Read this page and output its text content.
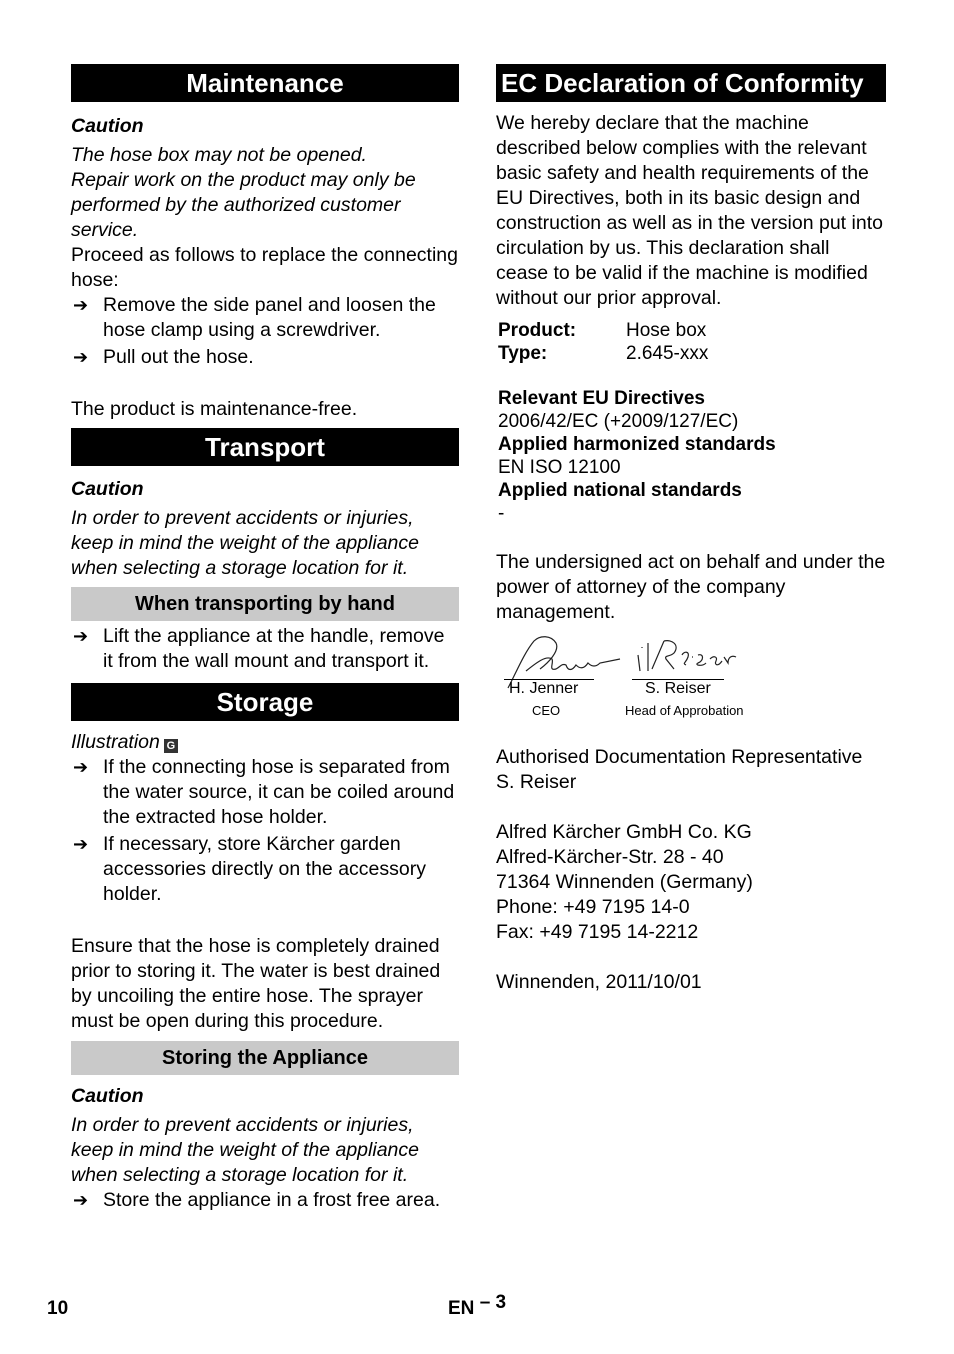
Maintenance

Caution

The hose box may not be opened.

Repair work on the product may only be performed by the authorized customer service.

Proceed as follows to replace the connecting hose:

➔ Remove the side panel and loosen the hose clamp using a screwdriver.
➔ Pull out the hose.

The product is maintenance-free.

Transport

Caution

In order to prevent accidents or injuries, keep in mind the weight of the appliance when selecting a storage location for it.

When transporting by hand
➔ Lift the appliance at the handle, remove it from the wall mount and transport it.
Storage

Illustration G

➔ If the connecting hose is separated from the water source, it can be coiled around the extracted hose holder.
➔ If necessary, store Kärcher garden accessories directly on the accessory holder.

Ensure that the hose is completely drained prior to storing it. The water is best drained by uncoiling the entire hose. The sprayer must be open during this procedure.

Storing the Appliance

Caution

In order to prevent accidents or injuries, keep in mind the weight of the appliance when selecting a storage location for it.

➔ Store the appliance in a frost free area.
EC Declaration of Conformity

We hereby declare that the machine described below complies with the relevant basic safety and health requirements of the EU Directives, both in its basic design and construction as well as in the version put into circulation by us. This declaration shall cease to be valid if the machine is modified without our prior approval.

Product:	Hose box
Type:	2.645-xxx
Relevant EU Directives
2006/42/EC (+2009/127/EC)
Applied harmonized standards
EN ISO 12100
Applied national standards
-

The undersigned act on behalf and under the power of attorney of the company management.

H. Jenner
CEO
S. Reiser
Head of Approbation

Authorised Documentation Representative

S. Reiser

Alfred Kärcher GmbH Co. KG

Alfred-Kärcher-Str. 28 - 40

71364 Winnenden (Germany)

Phone: +49 7195 14-0

Fax: +49 7195 14-2212

Winnenden, 2011/10/01

10	EN – 3
